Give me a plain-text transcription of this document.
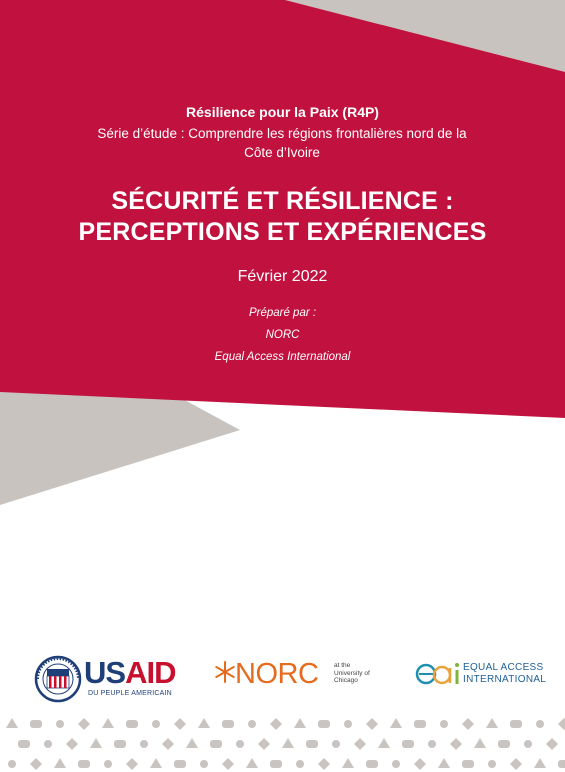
Résilience pour la Paix (R4P)
Série d’étude : Comprendre les régions frontalières nord de la Côte d’Ivoire
SÉCURITÉ ET RÉSILIENCE :
PERCEPTIONS ET EXPÉRIENCES
Février 2022
Préparé par :
NORC
Equal Access International
USAID
DU PEUPLE AMERICAIN
NORC at the
University of
Chicago
EQUAL ACCESS
INTERNATIONAL
